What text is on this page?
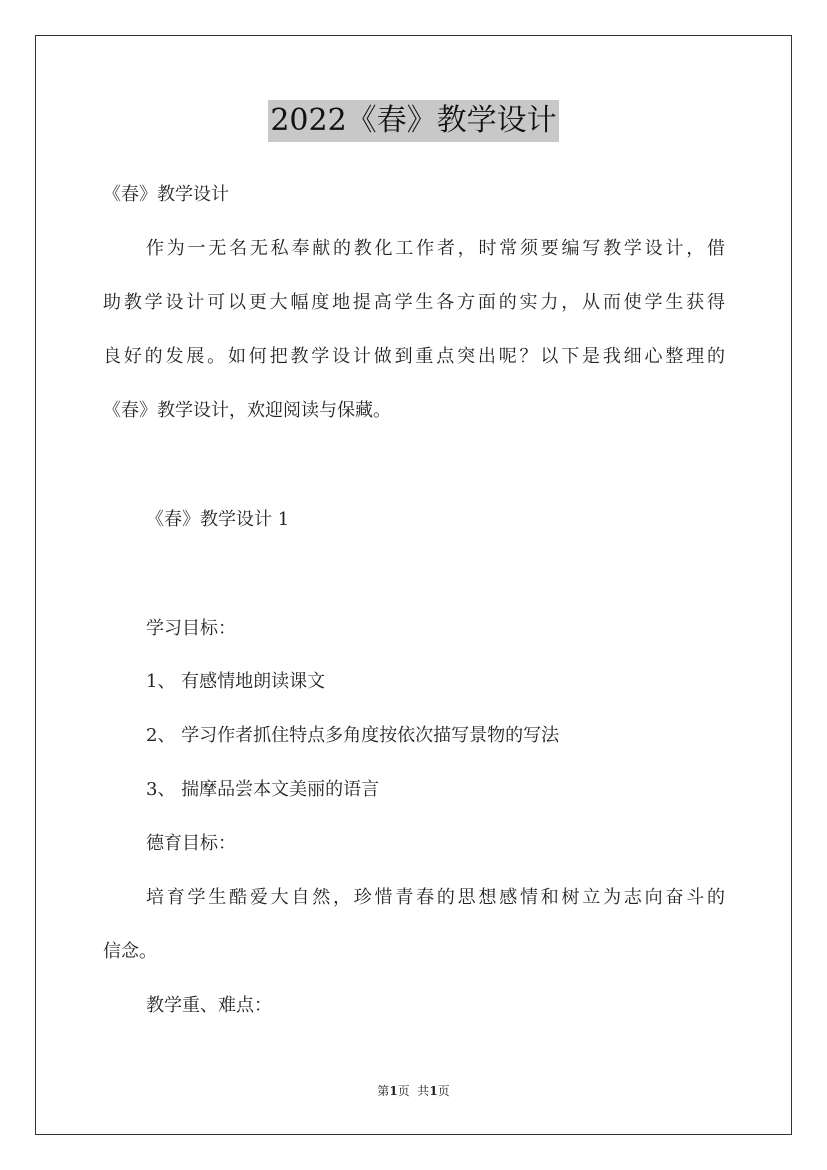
2022《春》教学设计
《春》教学设计
作为一无名无私奉献的教化工作者，时常须要编写教学设计，借
助教学设计可以更大幅度地提高学生各方面的实力，从而使学生获得
良好的发展。如何把教学设计做到重点突出呢？以下是我细心整理的
《春》教学设计，欢迎阅读与保藏。
《春》教学设计 1
学习目标：
1、 有感情地朗读课文
2、 学习作者抓住特点多角度按依次描写景物的写法
3、 揣摩品尝本文美丽的语言
德育目标：
培育学生酷爱大自然，珍惜青春的思想感情和树立为志向奋斗的
信念。
教学重、难点：
第1页  共1页
